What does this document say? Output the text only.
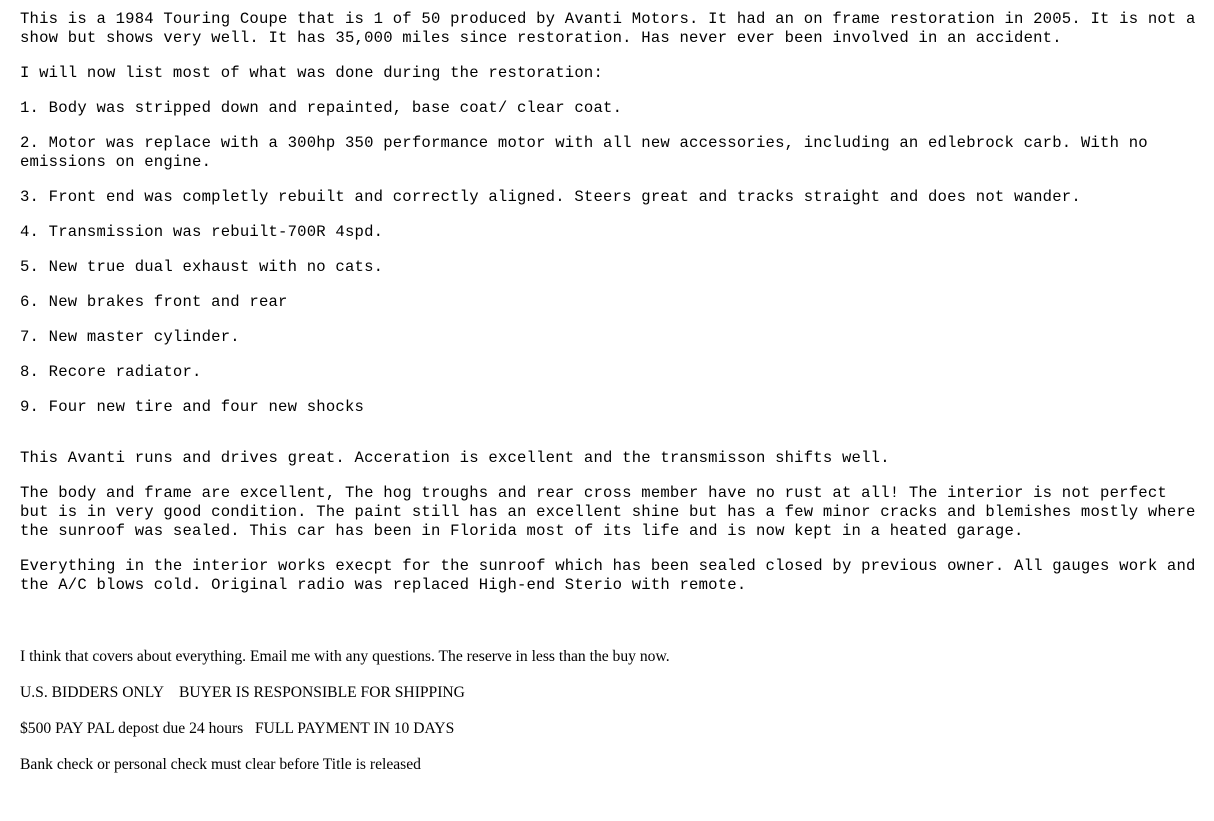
This is a 1984 Touring Coupe that is 1 of 50 produced by Avanti Motors. It had an on frame restoration in 2005. It is not a show but shows very well. It has 35,000 miles since restoration. Has never ever been involved in an accident.

I will now list most of what was done during the restoration:

1. Body was stripped down and repainted, base coat/ clear coat.

2. Motor was replace with a 300hp 350 performance motor with all new accessories, including an edlebrock carb. With no emissions on engine.

3. Front end was completly rebuilt and correctly aligned. Steers great and tracks straight and does not wander.

4. Transmission was rebuilt-700R 4spd.

5. New true dual exhaust with no cats.

6. New brakes front and rear

7. New master cylinder.

8. Recore radiator.

9. Four new tire and four new shocks

This Avanti runs and drives great. Acceration is excellent and the transmisson shifts well.

The body and frame are excellent, The hog troughs and rear cross member have no rust at all! The interior is not perfect but is in very good condition. The paint still has an excellent shine but has a few minor cracks and blemishes mostly where the sunroof was sealed. This car has been in Florida most of its life and is now kept in a heated garage.

Everything in the interior works execpt for the sunroof which has been sealed closed by previous owner. All gauges work and the A/C blows cold. Original radio was replaced High-end Sterio with remote.

I think that covers about everything. Email me with any questions. The reserve in less than the buy now.

U.S. BIDDERS ONLY    BUYER IS RESPONSIBLE FOR SHIPPING

$500 PAY PAL depost due 24 hours   FULL PAYMENT IN 10 DAYS

Bank check or personal check must clear before Title is released
